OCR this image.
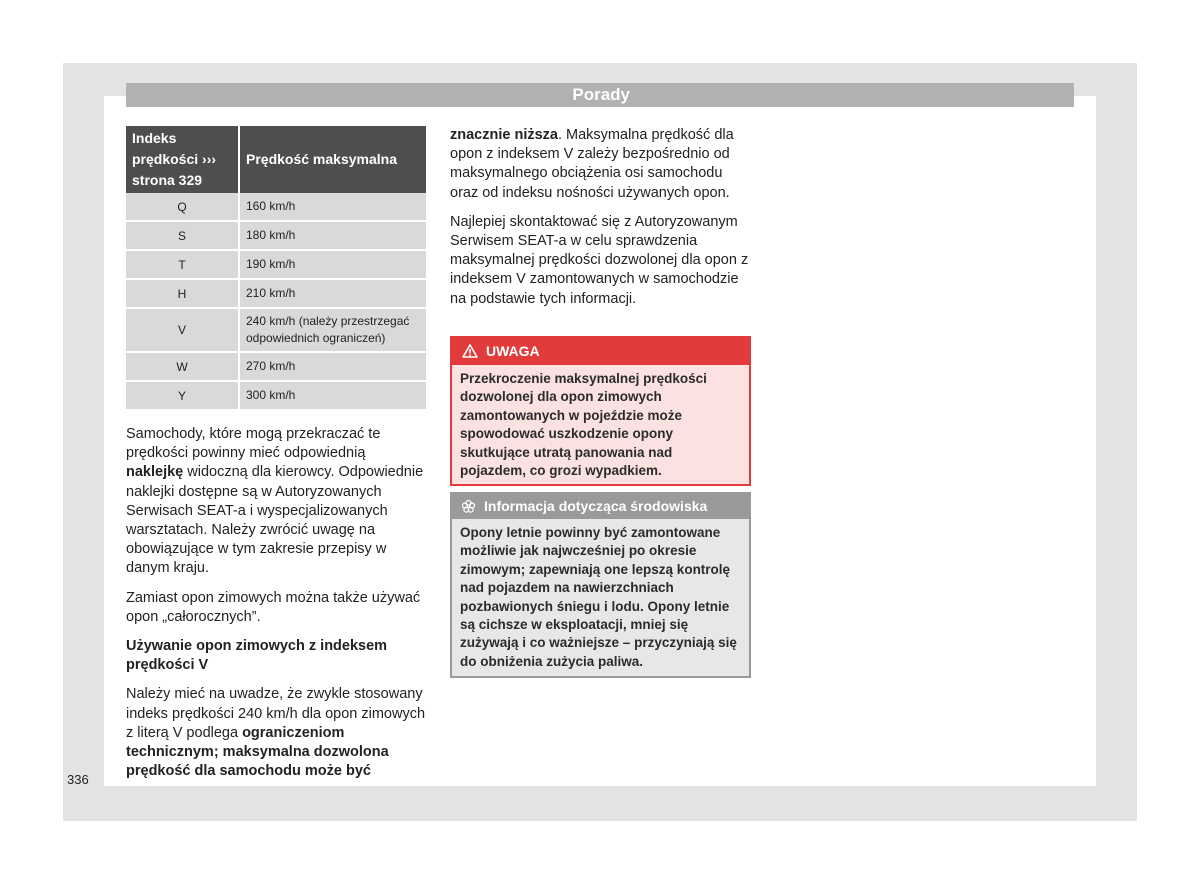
Porady
Indeks prędkości ››› strona 329	Prędkość maksymalna
Q	160 km/h
S	180 km/h
T	190 km/h
H	210 km/h
V	240 km/h (należy przestrzegać odpowiednich ograniczeń)
W	270 km/h
Y	300 km/h

Samochody, które mogą przekraczać te prędkości powinny mieć odpowiednią naklejkę widoczną dla kierowcy. Odpowiednie naklejki dostępne są w Autoryzowanych Serwisach SEAT-a i wyspecjalizowanych warsztatach. Należy zwrócić uwagę na obowiązujące w tym zakresie przepisy w danym kraju.

Zamiast opon zimowych można także używać opon „całorocznych”.

Używanie opon zimowych z indeksem prędkości V

Należy mieć na uwadze, że zwykle stosowany indeks prędkości 240 km/h dla opon zimowych z literą V podlega ograniczeniom technicznym; maksymalna dozwolona prędkość dla samochodu może być

znacznie niższa. Maksymalna prędkość dla opon z indeksem V zależy bezpośrednio od maksymalnego obciążenia osi samochodu oraz od indeksu nośności używanych opon.

Najlepiej skontaktować się z Autoryzowanym Serwisem SEAT-a w celu sprawdzenia maksymalnej prędkości dozwolonej dla opon z indeksem V zamontowanych w samochodzie na podstawie tych informacji.

UWAGA
Przekroczenie maksymalnej prędkości dozwolonej dla opon zimowych zamontowanych w pojeździe może spowodować uszkodzenie opony skutkujące utratą panowania nad pojazdem, co grozi wypadkiem.
Informacja dotycząca środowiska
Opony letnie powinny być zamontowane możliwie jak najwcześniej po okresie zimowym; zapewniają one lepszą kontrolę nad pojazdem na nawierzchniach pozbawionych śniegu i lodu. Opony letnie są cichsze w eksploatacji, mniej się zużywają i co ważniejsze – przyczyniają się do obniżenia zużycia paliwa.
336
